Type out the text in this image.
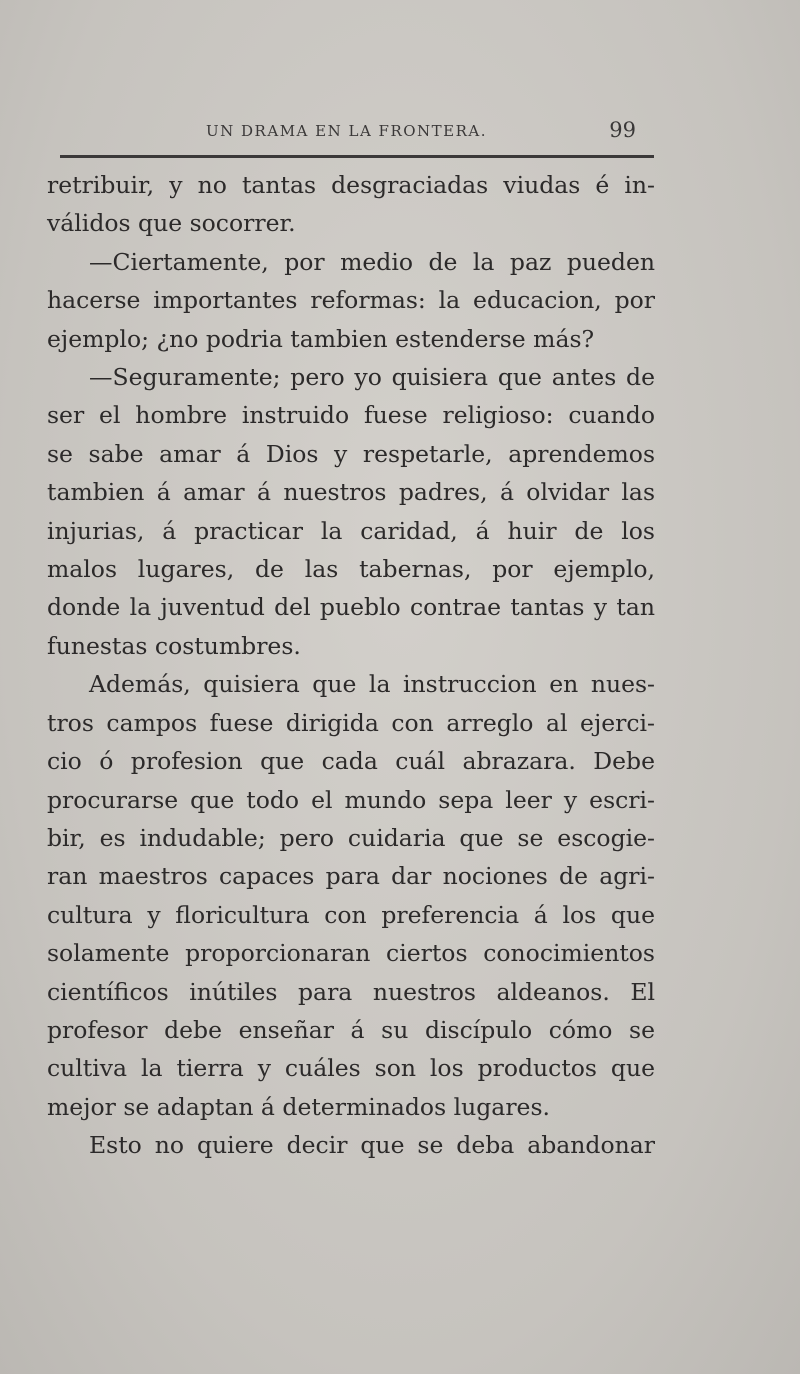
UN DRAMA EN LA FRONTERA.	99
retribuir, y no tantas desgraciadas viudas é in-
válidos que socorrer.
—Ciertamente, por medio de la paz pueden
hacerse importantes reformas: la educacion, por
ejemplo; ¿no podria tambien estenderse más?
—Seguramente; pero yo quisiera que antes de
ser el hombre instruido fuese religioso: cuando
se sabe amar á Dios y respetarle, aprendemos
tambien á amar á nuestros padres, á olvidar las
injurias, á practicar la caridad, á huir de los
malos lugares, de las tabernas, por ejemplo,
donde la juventud del pueblo contrae tantas y tan
funestas costumbres.
Además, quisiera que la instruccion en nues-
tros campos fuese dirigida con arreglo al ejerci-
cio ó profesion que cada cuál abrazara. Debe
procurarse que todo el mundo sepa leer y escri-
bir, es indudable; pero cuidaria que se escogie-
ran maestros capaces para dar nociones de agri-
cultura y floricultura con preferencia á los que
solamente proporcionaran ciertos conocimientos
científicos inútiles para nuestros aldeanos. El
profesor debe enseñar á su discípulo cómo se
cultiva la tierra y cuáles son los productos que
mejor se adaptan á determinados lugares.
Esto no quiere decir que se deba abandonar
